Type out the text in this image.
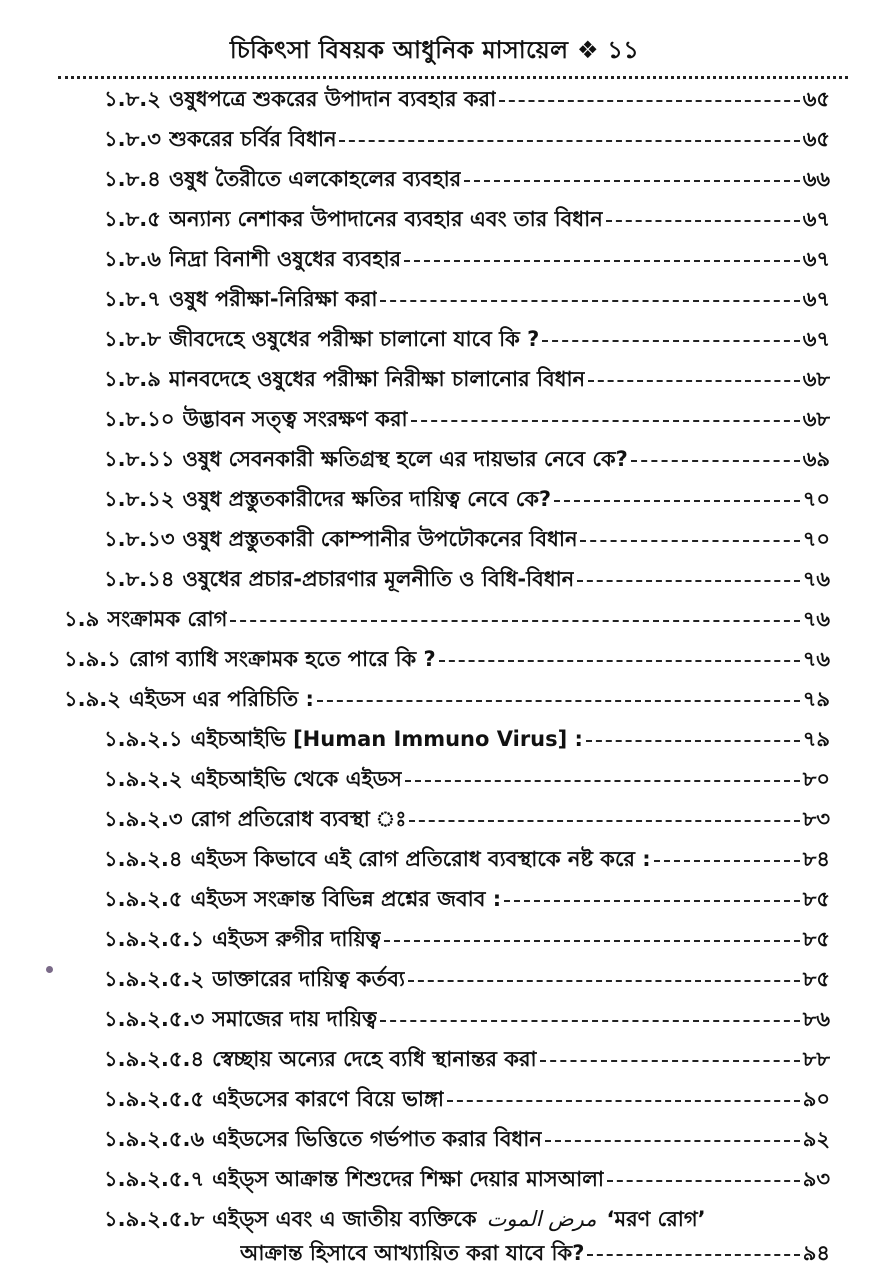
চিকিৎসা বিষয়ক আধুনিক মাসায়েল ❖ ১১
১.৮.২ ওষুধপত্রে শুকরের উপাদান ব্যবহার করা	৬৫
১.৮.৩ শুকরের চর্বির বিধান	৬৫
১.৮.৪ ওষুধ তৈরীতে এলকোহলের ব্যবহার	৬৬
১.৮.৫ অন্যান্য নেশাকর উপাদানের ব্যবহার এবং তার বিধান	৬৭
১.৮.৬ নিদ্রা বিনাশী ওষুধের ব্যবহার	৬৭
১.৮.৭ ওষুধ পরীক্ষা-নিরিক্ষা করা	৬৭
১.৮.৮ জীবদেহে ওষুধের পরীক্ষা চালানো যাবে কি ?	৬৭
১.৮.৯ মানবদেহে ওষুধের পরীক্ষা নিরীক্ষা চালানোর বিধান	৬৮
১.৮.১০ উদ্ভাবন সত্ত্ব সংরক্ষণ করা	৬৮
১.৮.১১ ওষুধ সেবনকারী ক্ষতিগ্রস্থ হলে এর দায়ভার নেবে কে?	৬৯
১.৮.১২ ওষুধ প্রস্তুতকারীদের ক্ষতির দায়িত্ব নেবে কে?	৭০
১.৮.১৩ ওষুধ প্রস্তুতকারী কোম্পানীর উপঢৌকনের বিধান	৭০
১.৮.১৪ ওষুধের প্রচার-প্রচারণার মূলনীতি ও বিধি-বিধান	৭৬
১.৯ সংক্রামক রোগ	৭৬
১.৯.১ রোগ ব্যাধি সংক্রামক হতে পারে কি ?	৭৬
১.৯.২ এইডস এর পরিচিতি :	৭৯
১.৯.২.১ এইচআইভি [Human Immuno Virus] :	৭৯
১.৯.২.২ এইচআইভি থেকে এইডস	৮০
১.৯.২.৩ রোগ প্রতিরোধ ব্যবস্থা ঃ	৮৩
১.৯.২.৪ এইডস কিভাবে এই রোগ প্রতিরোধ ব্যবস্থাকে নষ্ট করে :	৮৪
১.৯.২.৫ এইডস সংক্রান্ত বিভিন্ন প্রশ্নের জবাব :	৮৫
১.৯.২.৫.১ এইডস রুগীর দায়িত্ব	৮৫
১.৯.২.৫.২ ডাক্তারের দায়িত্ব কর্তব্য	৮৫
১.৯.২.৫.৩ সমাজের দায় দায়িত্ব	৮৬
১.৯.২.৫.৪ স্বেচ্ছায় অন্যের দেহে ব্যধি স্থানান্তর করা	৮৮
১.৯.২.৫.৫ এইডসের কারণে বিয়ে ভাঙ্গা	৯০
১.৯.২.৫.৬ এইডসের ভিত্তিতে গর্ভপাত করার বিধান	৯২
১.৯.২.৫.৭ এইড্স আক্রান্ত শিশুদের শিক্ষা দেয়ার মাসআলা	৯৩
১.৯.২.৫.৮ এইড্স এবং এ জাতীয় ব্যক্তিকে مرض الموت ‘মরণ রোগ’
আক্রান্ত হিসাবে আখ্যায়িত করা যাবে কি?	৯৪
